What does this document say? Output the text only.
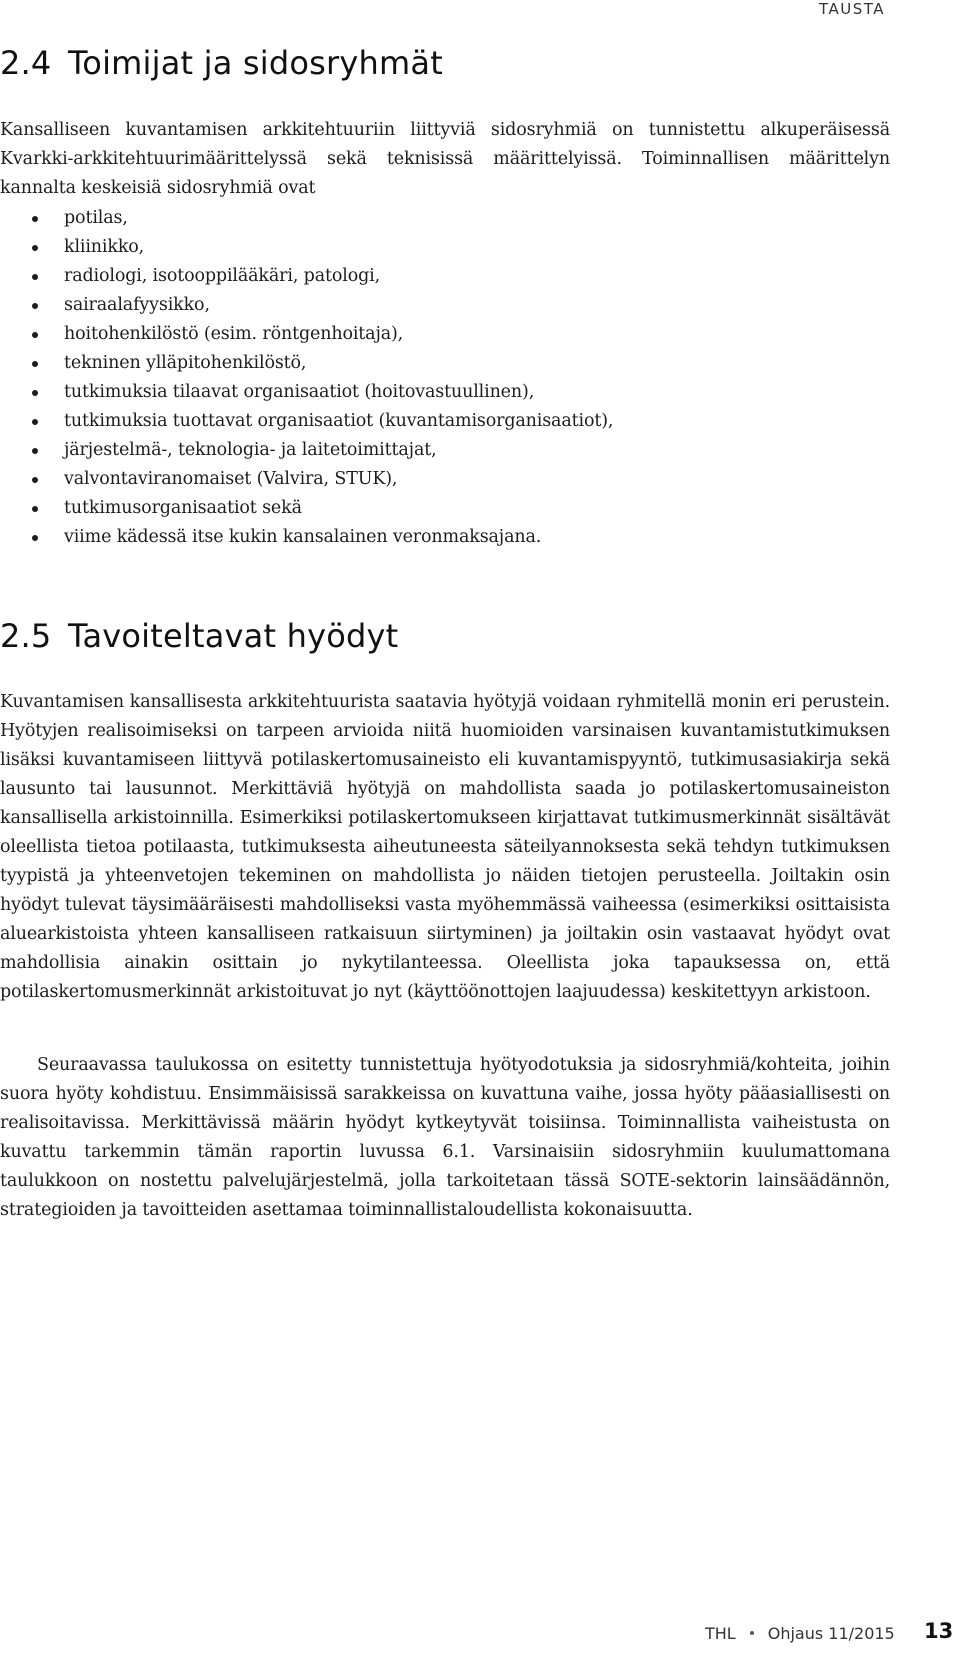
TAUSTA
2.4 Toimijat ja sidosryhmät

Kansalliseen kuvantamisen arkkitehtuuriin liittyviä sidosryhmiä on tunnistettu alkuperäisessä Kvarkki-arkkitehtuurimäärittelyssä sekä teknisissä määrittelyissä. Toiminnallisen määrittelyn kannalta keskeisiä sidosryhmiä ovat

potilas,
kliinikko,
radiologi, isotooppilääkäri, patologi,
sairaalafyysikko,
hoitohenkilöstö (esim. röntgenhoitaja),
tekninen ylläpitohenkilöstö,
tutkimuksia tilaavat organisaatiot (hoitovastuullinen),
tutkimuksia tuottavat organisaatiot (kuvantamisorganisaatiot),
järjestelmä-, teknologia- ja laitetoimittajat,
valvontaviranomaiset (Valvira, STUK),
tutkimusorganisaatiot sekä
viime kädessä itse kukin kansalainen veronmaksajana.
2.5 Tavoiteltavat hyödyt

Kuvantamisen kansallisesta arkkitehtuurista saatavia hyötyjä voidaan ryhmitellä monin eri perustein. Hyötyjen realisoimiseksi on tarpeen arvioida niitä huomioiden varsinaisen kuvantamistutkimuksen lisäksi kuvantamiseen liittyvä potilaskertomusaineisto eli kuvantamispyyntö, tutkimusasiakirja sekä lausunto tai lausunnot. Merkittäviä hyötyjä on mahdollista saada jo potilaskertomusaineiston kansallisella arkistoinnilla. Esimerkiksi potilaskertomukseen kirjattavat tutkimusmerkinnät sisältävät oleellista tietoa potilaasta, tutkimuksesta aiheutuneesta säteilyannoksesta sekä tehdyn tutkimuksen tyypistä ja yhteenvetojen tekeminen on mahdollista jo näiden tietojen perusteella. Joiltakin osin hyödyt tulevat täysimääräisesti mahdolliseksi vasta myöhemmässä vaiheessa (esimerkiksi osittaisista aluearkistoista yhteen kansalliseen ratkaisuun siirtyminen) ja joiltakin osin vastaavat hyödyt ovat mahdollisia ainakin osittain jo nykytilanteessa. Oleellista joka tapauksessa on, että potilaskertomusmerkinnät arkistoituvat jo nyt (käyttöönottojen laajuudessa) keskitettyyn arkistoon.

Seuraavassa taulukossa on esitetty tunnistettuja hyötyodotuksia ja sidosryhmiä/kohteita, joihin suora hyöty kohdistuu. Ensimmäisissä sarakkeissa on kuvattuna vaihe, jossa hyöty pääasiallisesti on realisoitavissa. Merkittävissä määrin hyödyt kytkeytyvät toisiinsa. Toiminnallista vaiheistusta on kuvattu tarkemmin tämän raportin luvussa 6.1. Varsinaisiin sidosryhmiin kuulumattomana taulukkoon on nostettu palvelujärjestelmä, jolla tarkoitetaan tässä SOTE-sektorin lainsäädännön, strategioiden ja tavoitteiden asettamaa toiminnallistaloudellista kokonaisuutta.

THL Ohjaus 11/2015 13
